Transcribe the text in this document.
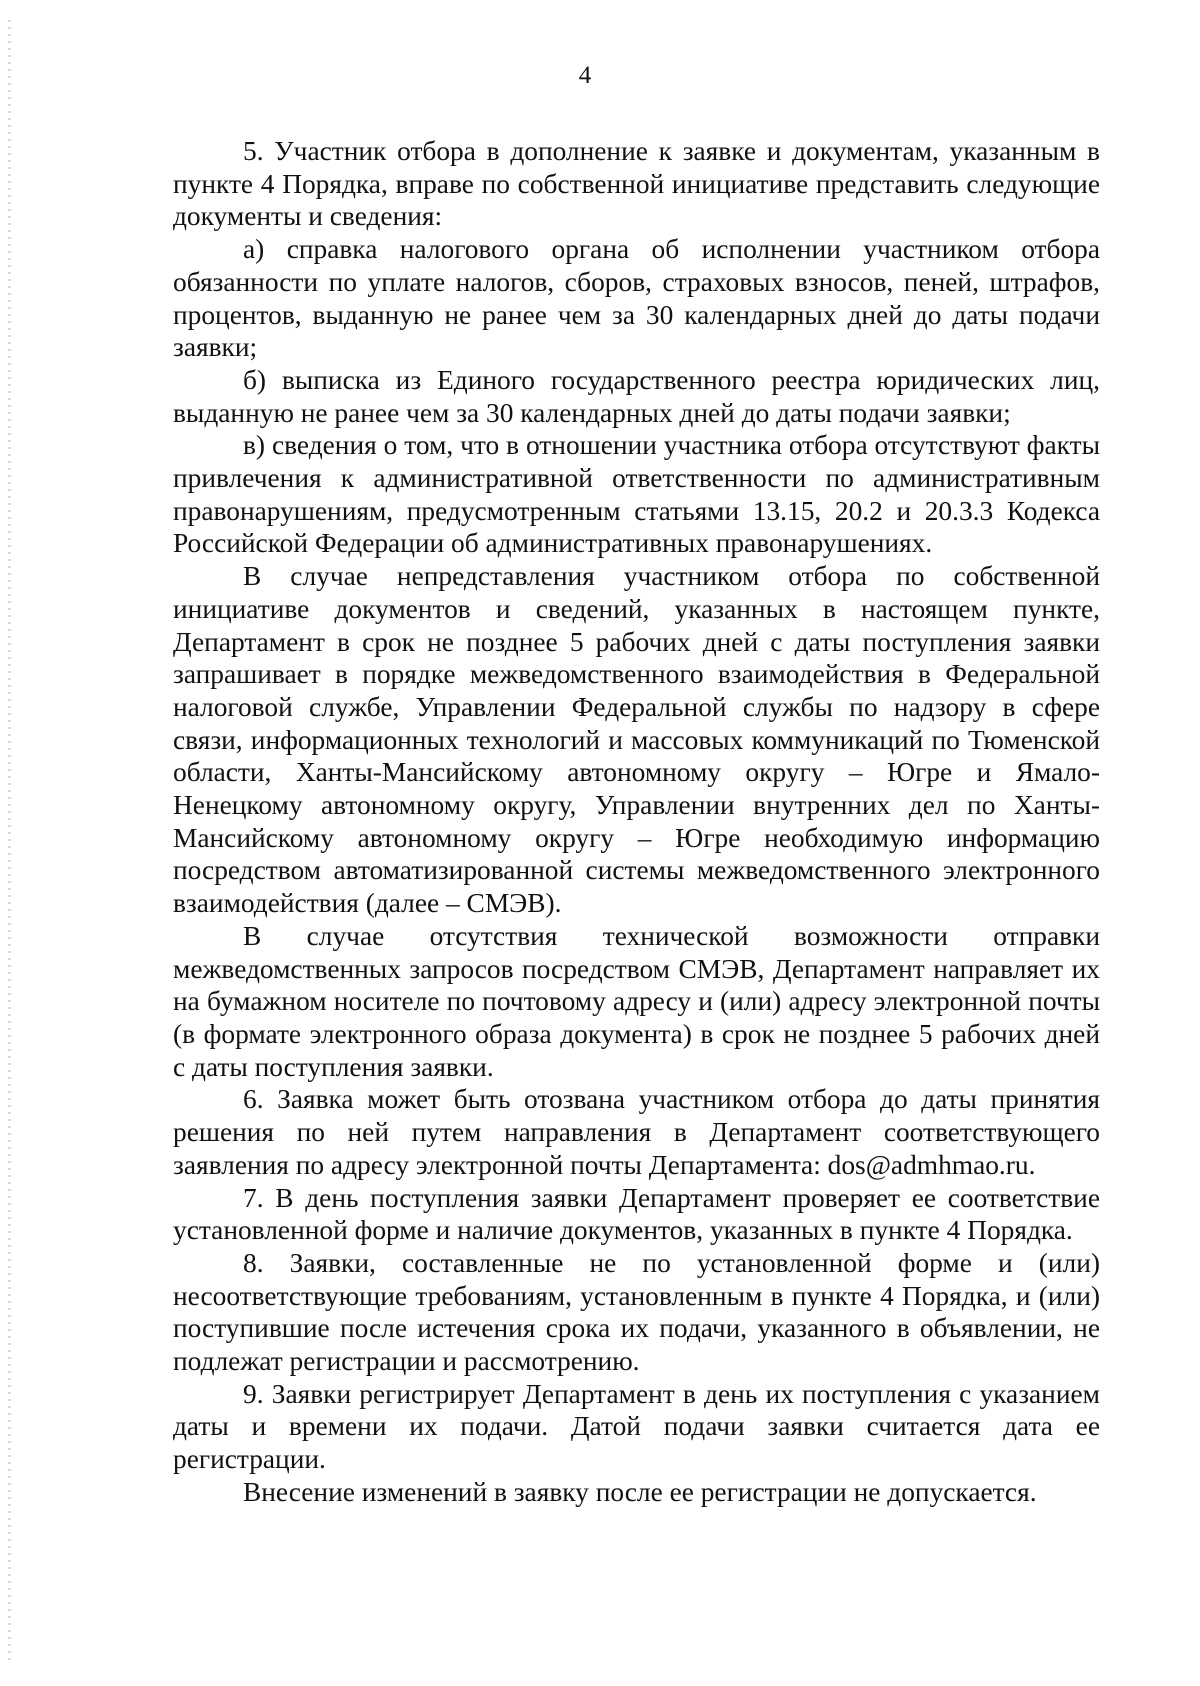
4

5. Участник отбора в дополнение к заявке и документам, указанным в пункте 4 Порядка, вправе по собственной инициативе представить следующие документы и сведения:

а) справка налогового органа об исполнении участником отбора обязанности по уплате налогов, сборов, страховых взносов, пеней, штрафов, процентов, выданную не ранее чем за 30 календарных дней до даты подачи заявки;

б) выписка из Единого государственного реестра юридических лиц, выданную не ранее чем за 30 календарных дней до даты подачи заявки;

в) сведения о том, что в отношении участника отбора отсутствуют факты привлечения к административной ответственности по административным правонарушениям, предусмотренным статьями 13.15, 20.2 и 20.3.3 Кодекса Российской Федерации об административных правонарушениях.

В случае непредставления участником отбора по собственной инициативе документов и сведений, указанных в настоящем пункте, Департамент в срок не позднее 5 рабочих дней с даты поступления заявки запрашивает в порядке межведомственного взаимодействия в Федеральной налоговой службе, Управлении Федеральной службы по надзору в сфере связи, информационных технологий и массовых коммуникаций по Тюменской области, Ханты-Мансийскому автономному округу – Югре и Ямало-Ненецкому автономному округу, Управлении внутренних дел по Ханты-Мансийскому автономному округу – Югре необходимую информацию посредством автоматизированной системы межведомственного электронного взаимодействия (далее – СМЭВ).

В случае отсутствия технической возможности отправки межведомственных запросов посредством СМЭВ, Департамент направляет их на бумажном носителе по почтовому адресу и (или) адресу электронной почты (в формате электронного образа документа) в срок не позднее 5 рабочих дней с даты поступления заявки.

6. Заявка может быть отозвана участником отбора до даты принятия решения по ней путем направления в Департамент соответствующего заявления по адресу электронной почты Департамента: dos@admhmao.ru.

7. В день поступления заявки Департамент проверяет ее соответствие установленной форме и наличие документов, указанных в пункте 4 Порядка.

8. Заявки, составленные не по установленной форме и (или) несоответствующие требованиям, установленным в пункте 4 Порядка, и (или) поступившие после истечения срока их подачи, указанного в объявлении, не подлежат регистрации и рассмотрению.

9. Заявки регистрирует Департамент в день их поступления с указанием даты и времени их подачи. Датой подачи заявки считается дата ее регистрации.

Внесение изменений в заявку после ее регистрации не допускается.
